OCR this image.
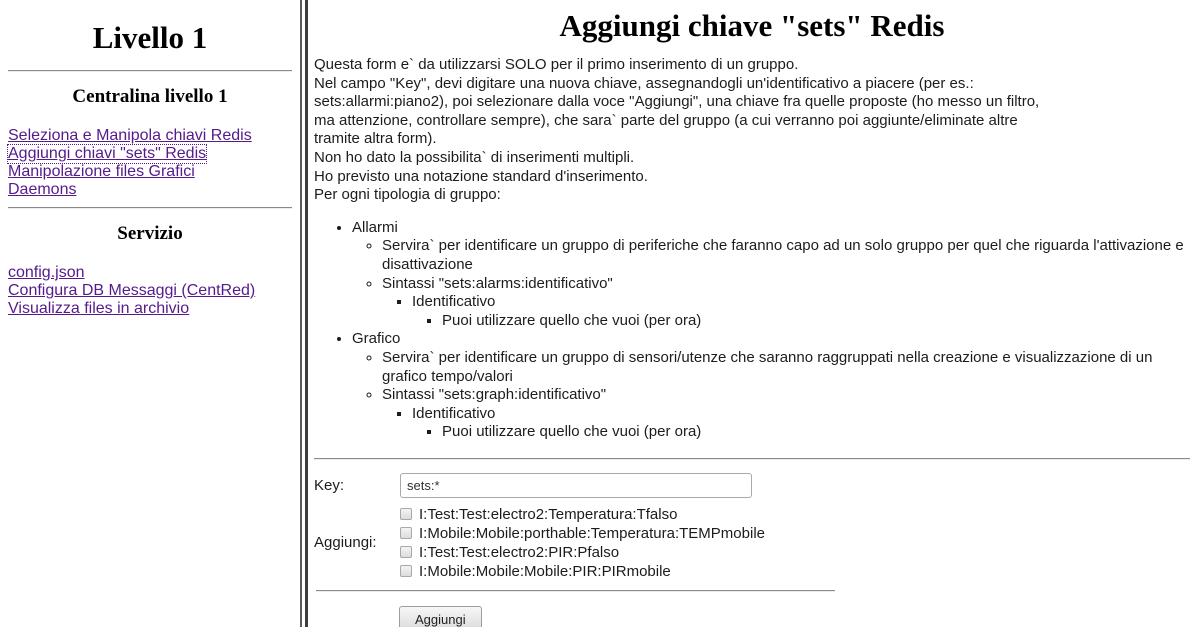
Livello 1
Centralina livello 1
Seleziona e Manipola chiavi Redis
Aggiungi chiavi "sets" Redis
Manipolazione files Grafici
Daemons
Servizio
config.json
Configura DB Messaggi (CentRed)
Visualizza files in archivio
Aggiungi chiave "sets" Redis
Questa form e` da utilizzarsi SOLO per il primo inserimento di un gruppo.
Nel campo "Key", devi digitare una nuova chiave, assegnandogli un'identificativo a piacere (per es.:
sets:allarmi:piano2), poi selezionare dalla voce "Aggiungi", una chiave fra quelle proposte (ho messo un filtro,
ma attenzione, controllare sempre), che sara` parte del gruppo (a cui verranno poi aggiunte/eliminate altre
tramite altra form).
Non ho dato la possibilita` di inserimenti multipli.
Ho previsto una notazione standard d'inserimento.
Per ogni tipologia di gruppo:
• Allarmi
◦ Servira` per identificare un gruppo di periferiche che faranno capo ad un solo gruppo per quel che riguarda l'attivazione e disattivazione
◦ Sintassi "sets:alarms:identificativo"
▪ Identificativo
▪ Puoi utilizzare quello che vuoi (per ora)
• Grafico
◦ Servira` per identificare un gruppo di sensori/utenze che saranno raggruppati nella creazione e visualizzazione di un grafico tempo/valori
◦ Sintassi "sets:graph:identificativo"
▪ Identificativo
▪ Puoi utilizzare quello che vuoi (per ora)
Key:
sets:*
Aggiungi:
I:Test:Test:electro2:Temperatura:Tfalso
I:Mobile:Mobile:porthable:Temperatura:TEMPmobile
I:Test:Test:electro2:PIR:Pfalso
I:Mobile:Mobile:Mobile:PIR:PIRmobile
Aggiungi
